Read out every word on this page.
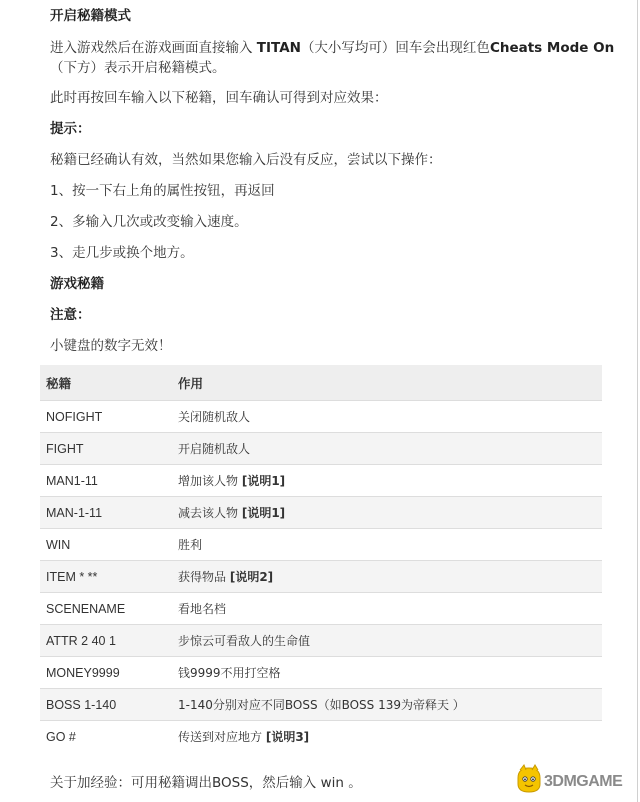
开启秘籍模式

进入游戏然后在游戏画面直接输入 TITAN（大小写均可）回车会出现红色Cheats Mode On（下方）表示开启秘籍模式。

此时再按回车输入以下秘籍，回车确认可得到对应效果：

提示：

秘籍已经确认有效，当然如果您输入后没有反应，尝试以下操作：

1、按一下右上角的属性按钮，再返回

2、多输入几次或改变输入速度。

3、走几步或换个地方。

游戏秘籍

注意：

小键盘的数字无效！

秘籍	作用
NOFIGHT	关闭随机敌人
FIGHT	开启随机敌人
MAN1-11	增加该人物 [说明1]
MAN-1-11	减去该人物 [说明1]
WIN	胜利
ITEM * **	获得物品 [说明2]
SCENENAME	看地名档
ATTR 2 40 1	步惊云可看敌人的生命值
MONEY9999	钱9999不用打空格
BOSS 1-140	1-140分别对应不同BOSS（如BOSS 139为帝释天 ）
GO #	传送到对应地方 [说明3]

关于加经验：可用秘籍调出BOSS，然后输入 win 。	3DMGAME
